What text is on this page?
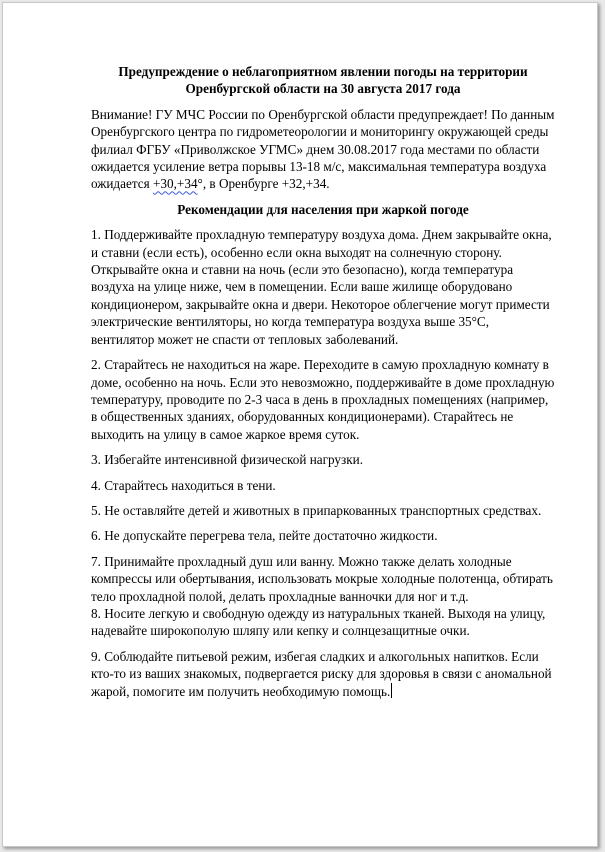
Предупреждение о неблагоприятном явлении погоды на территории
Оренбургской области на 30 августа 2017 года

Внимание! ГУ МЧС России по Оренбургской области предупреждает! По данным Оренбургского центра по гидрометеорологии и мониторингу окружающей среды филиал ФГБУ «Приволжское УГМС» днем 30.08.2017 года местами по области ожидается усиление ветра порывы 13-18 м/с, максимальная температура воздуха ожидается +30,+34°, в Оренбурге +32,+34.

Рекомендации для населения при жаркой погоде

1. Поддерживайте прохладную температуру воздуха дома. Днем закрывайте окна, и ставни (если есть), особенно если окна выходят на солнечную сторону. Открывайте окна и ставни на ночь (если это безопасно), когда температура воздуха на улице ниже, чем в помещении. Если ваше жилище оборудовано кондиционером, закрывайте окна и двери. Некоторое облегчение могут примести электрические вентиляторы, но когда температура воздуха выше 35°С, вентилятор может не спасти от тепловых заболеваний.

2. Старайтесь не находиться на жаре. Переходите в самую прохладную комнату в доме, особенно на ночь. Если это невозможно, поддерживайте в доме прохладную температуру, проводите по 2-3 часа в день в прохладных помещениях (например, в общественных зданиях, оборудованных кондиционерами). Старайтесь не выходить на улицу в самое жаркое время суток.

3. Избегайте интенсивной физической нагрузки.

4. Старайтесь находиться в тени.

5. Не оставляйте детей и животных в припаркованных транспортных средствах.

6. Не допускайте перегрева тела, пейте достаточно жидкости.

7. Принимайте прохладный душ или ванну. Можно также делать холодные компрессы или обертывания, использовать мокрые холодные полотенца, обтирать тело прохладной полой, делать прохладные ванночки для ног и т.д.
8. Носите легкую и свободную одежду из натуральных тканей. Выходя на улицу, надевайте широкополую шляпу или кепку и солнцезащитные очки.

9. Соблюдайте питьевой режим, избегая сладких и алкогольных напитков. Если кто-то из ваших знакомых, подвергается риску для здоровья в связи с аномальной жарой, помогите им получить необходимую помощь.
